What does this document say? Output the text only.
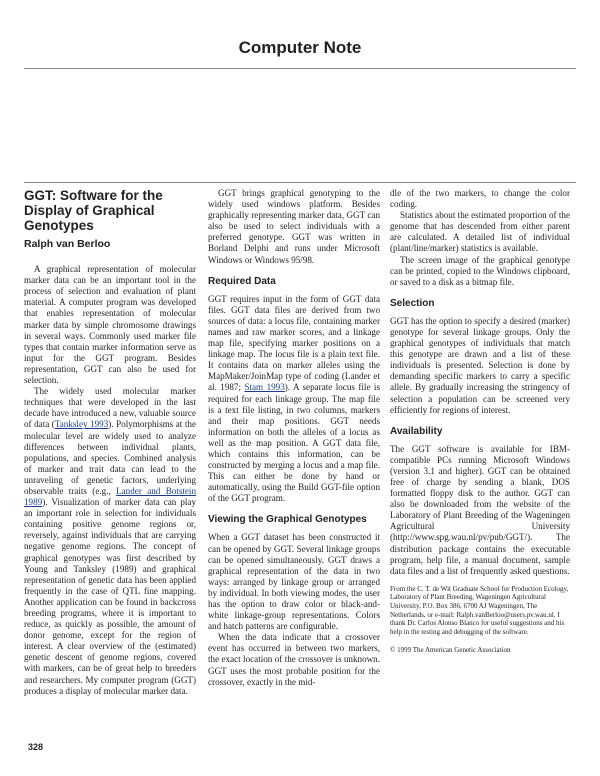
Computer Note
GGT: Software for the Display of Graphical Genotypes
Ralph van Berloo

A graphical representation of molecular marker data can be an important tool in the process of selection and evaluation of plant material. A computer program was developed that enables representation of molecular marker data by simple chromosome drawings in several ways. Commonly used marker file types that contain marker information serve as input for the GGT program. Besides representation, GGT can also be used for selection.

The widely used molecular marker techniques that were developed in the last decade have introduced a new, valuable source of data (Tanksley 1993). Polymorphisms at the molecular level are widely used to analyze differences between individual plants, populations, and species. Combined analysis of marker and trait data can lead to the unraveling of genetic factors, underlying observable traits (e.g., Lander and Botstein 1989). Visualization of marker data can play an important role in selection for individuals containing positive genome regions or, reversely, against individuals that are carrying negative genome regions. The concept of graphical genotypes was first described by Young and Tanksley (1989) and graphical representation of genetic data has been applied frequently in the case of QTL fine mapping. Another application can be found in backcross breeding programs, where it is important to reduce, as quickly as possible, the amount of donor genome, except for the region of interest. A clear overview of the (estimated) genetic descent of genome regions, covered with markers, can be of great help to breeders and researchers. My computer program (GGT) produces a display of molecular marker data.

GGT brings graphical genotyping to the widely used windows platform. Besides graphically representing marker data, GGT can also be used to select individuals with a preferred genotype. GGT was written in Borland Delphi and runs under Microsoft Windows or Windows 95/98.

Required Data

GGT requires input in the form of GGT data files. GGT data files are derived from two sources of data: a locus file, containing marker names and raw marker scores, and a linkage map file, specifying marker positions on a linkage map. The locus file is a plain text file. It contains data on marker alleles using the MapMaker/JoinMap type of coding (Lander et al. 1987; Stam 1993). A separate locus file is required for each linkage group. The map file is a text file listing, in two columns, markers and their map positions. GGT needs information on both the alleles of a locus as well as the map position. A GGT data file, which contains this information, can be constructed by merging a locus and a map file. This can either be done by hand or automatically, using the Build GGT-file option of the GGT program.

Viewing the Graphical Genotypes

When a GGT dataset has been constructed it can be opened by GGT. Several linkage groups can be opened simultaneously. GGT draws a graphical representation of the data in two ways: arranged by linkage group or arranged by individual. In both viewing modes, the user has the option to draw color or black-and-white linkage-group representations. Colors and hatch patterns are configurable.

When the data indicate that a crossover event has occurred in between two markers, the exact location of the crossover is unknown. GGT uses the most probable position for the crossover, exactly in the mid-

dle of the two markers, to change the color coding.

Statistics about the estimated proportion of the genome that has descended from either parent are calculated. A detailed list of individual (plant/line/marker) statistics is available.

The screen image of the graphical genotype can be printed, copied to the Windows clipboard, or saved to a disk as a bitmap file.

Selection

GGT has the option to specify a desired (marker) genotype for several linkage groups. Only the graphical genotypes of individuals that match this genotype are drawn and a list of these individuals is presented. Selection is done by demanding specific markers to carry a specific allele. By gradually increasing the stringency of selection a population can be screened very efficiently for regions of interest.

Availability

The GGT software is available for IBM-compatible PCs running Microsoft Windows (version 3.1 and higher). GGT can be obtained free of charge by sending a blank, DOS formatted floppy disk to the author. GGT can also be downloaded from the website of the Laboratory of Plant Breeding of the Wageningen Agricultural University (http://www.spg.wau.nl/pv/pub/GGT/). The distribution package contains the executable program, help file, a manual document, sample data files and a list of frequently asked questions.

From the C. T. de Wit Graduate School for Production Ecology, Laboratory of Plant Breeding, Wageningen Agricultural University, P.O. Box 386, 6700 AJ Wageningen, The Netherlands, or e-mail: Ralph.vanBerloo@users.pv.wau.nl. I thank Dr. Carlos Alonso Blanco for useful suggestions and his help in the testing and debugging of the software.
© 1999 The American Genetic Association
328
